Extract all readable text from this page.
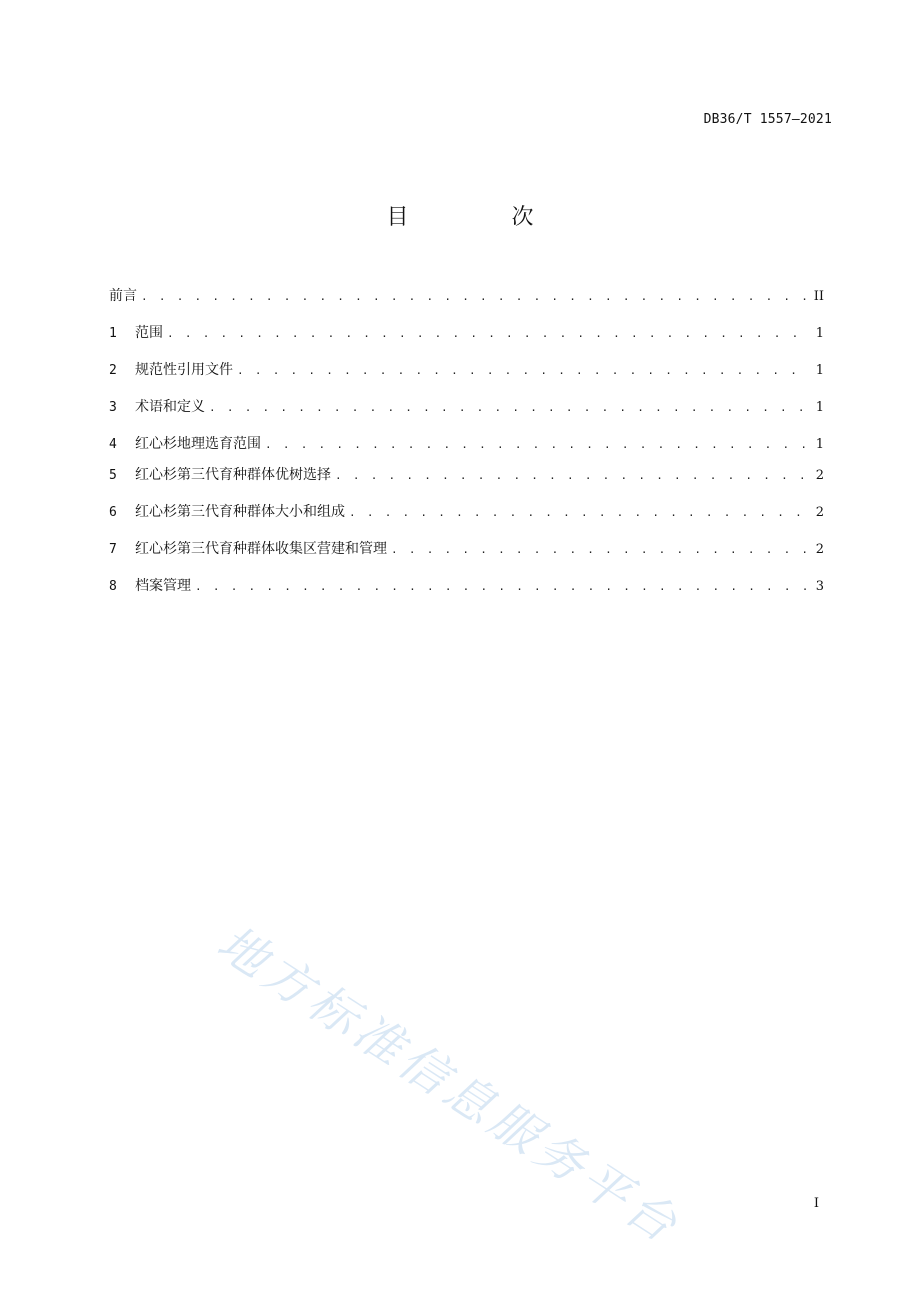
DB36/T 1557—2021
目 次
前言 . . .	II
1	范围 . . .	1
2	规范性引用文件 . . .	1
3	术语和定义 . . .	1
4	红心杉地理选育范围 . . .	1
5	红心杉第三代育种群体优树选择 . . .	2
6	红心杉第三代育种群体大小和组成 . . .	2
7	红心杉第三代育种群体收集区营建和管理 . . .	2
8	档案管理 . . .	3
地方标准信息服务平台	I
